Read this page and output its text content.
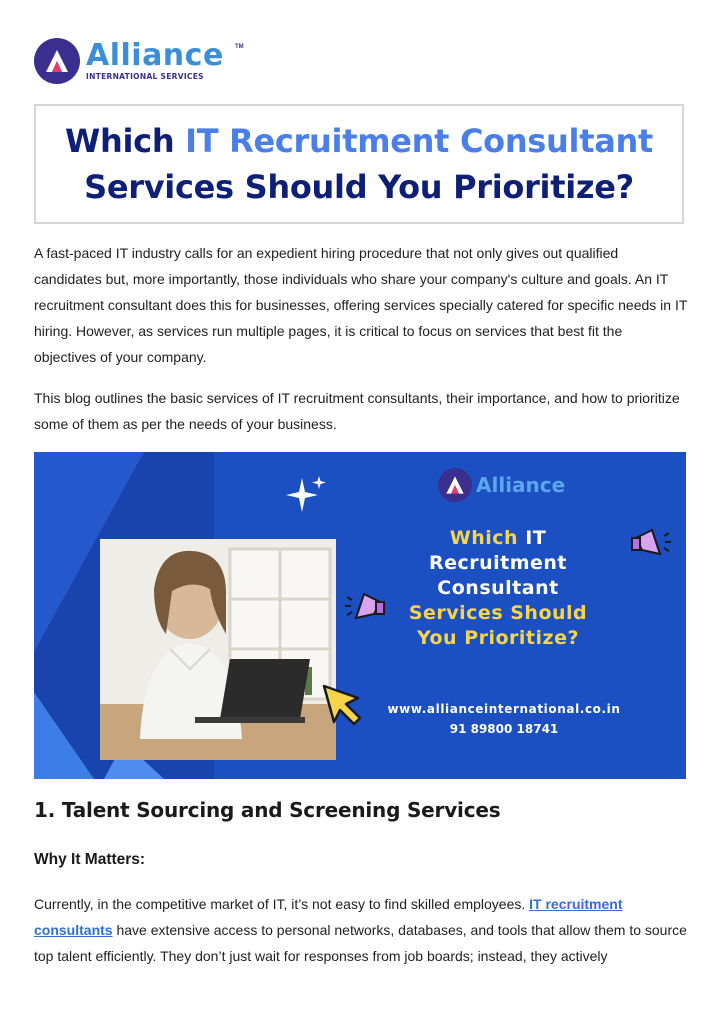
Alliance
INTERNATIONAL SERVICES
TM
Which IT Recruitment Consultant
Services Should You Prioritize?

A fast-paced IT industry calls for an expedient hiring procedure that not only gives out qualified candidates but, more importantly, those individuals who share your company's culture and goals. An IT recruitment consultant does this for businesses, offering services specially catered for specific needs in IT hiring. However, as services run multiple pages, it is critical to focus on services that best fit the objectives of your company.

This blog outlines the basic services of IT recruitment consultants, their importance, and how to prioritize some of them as per the needs of your business.

Alliance
Which IT
Recruitment
Consultant
Services Should
You Prioritize?
www.allianceinternational.co.in
91 89800 18741
1. Talent Sourcing and Screening Services
Why It Matters:

Currently, in the competitive market of IT, it’s not easy to find skilled employees. IT recruitment consultants have extensive access to personal networks, databases, and tools that allow them to source top talent efficiently. They don’t just wait for responses from job boards; instead, they actively
